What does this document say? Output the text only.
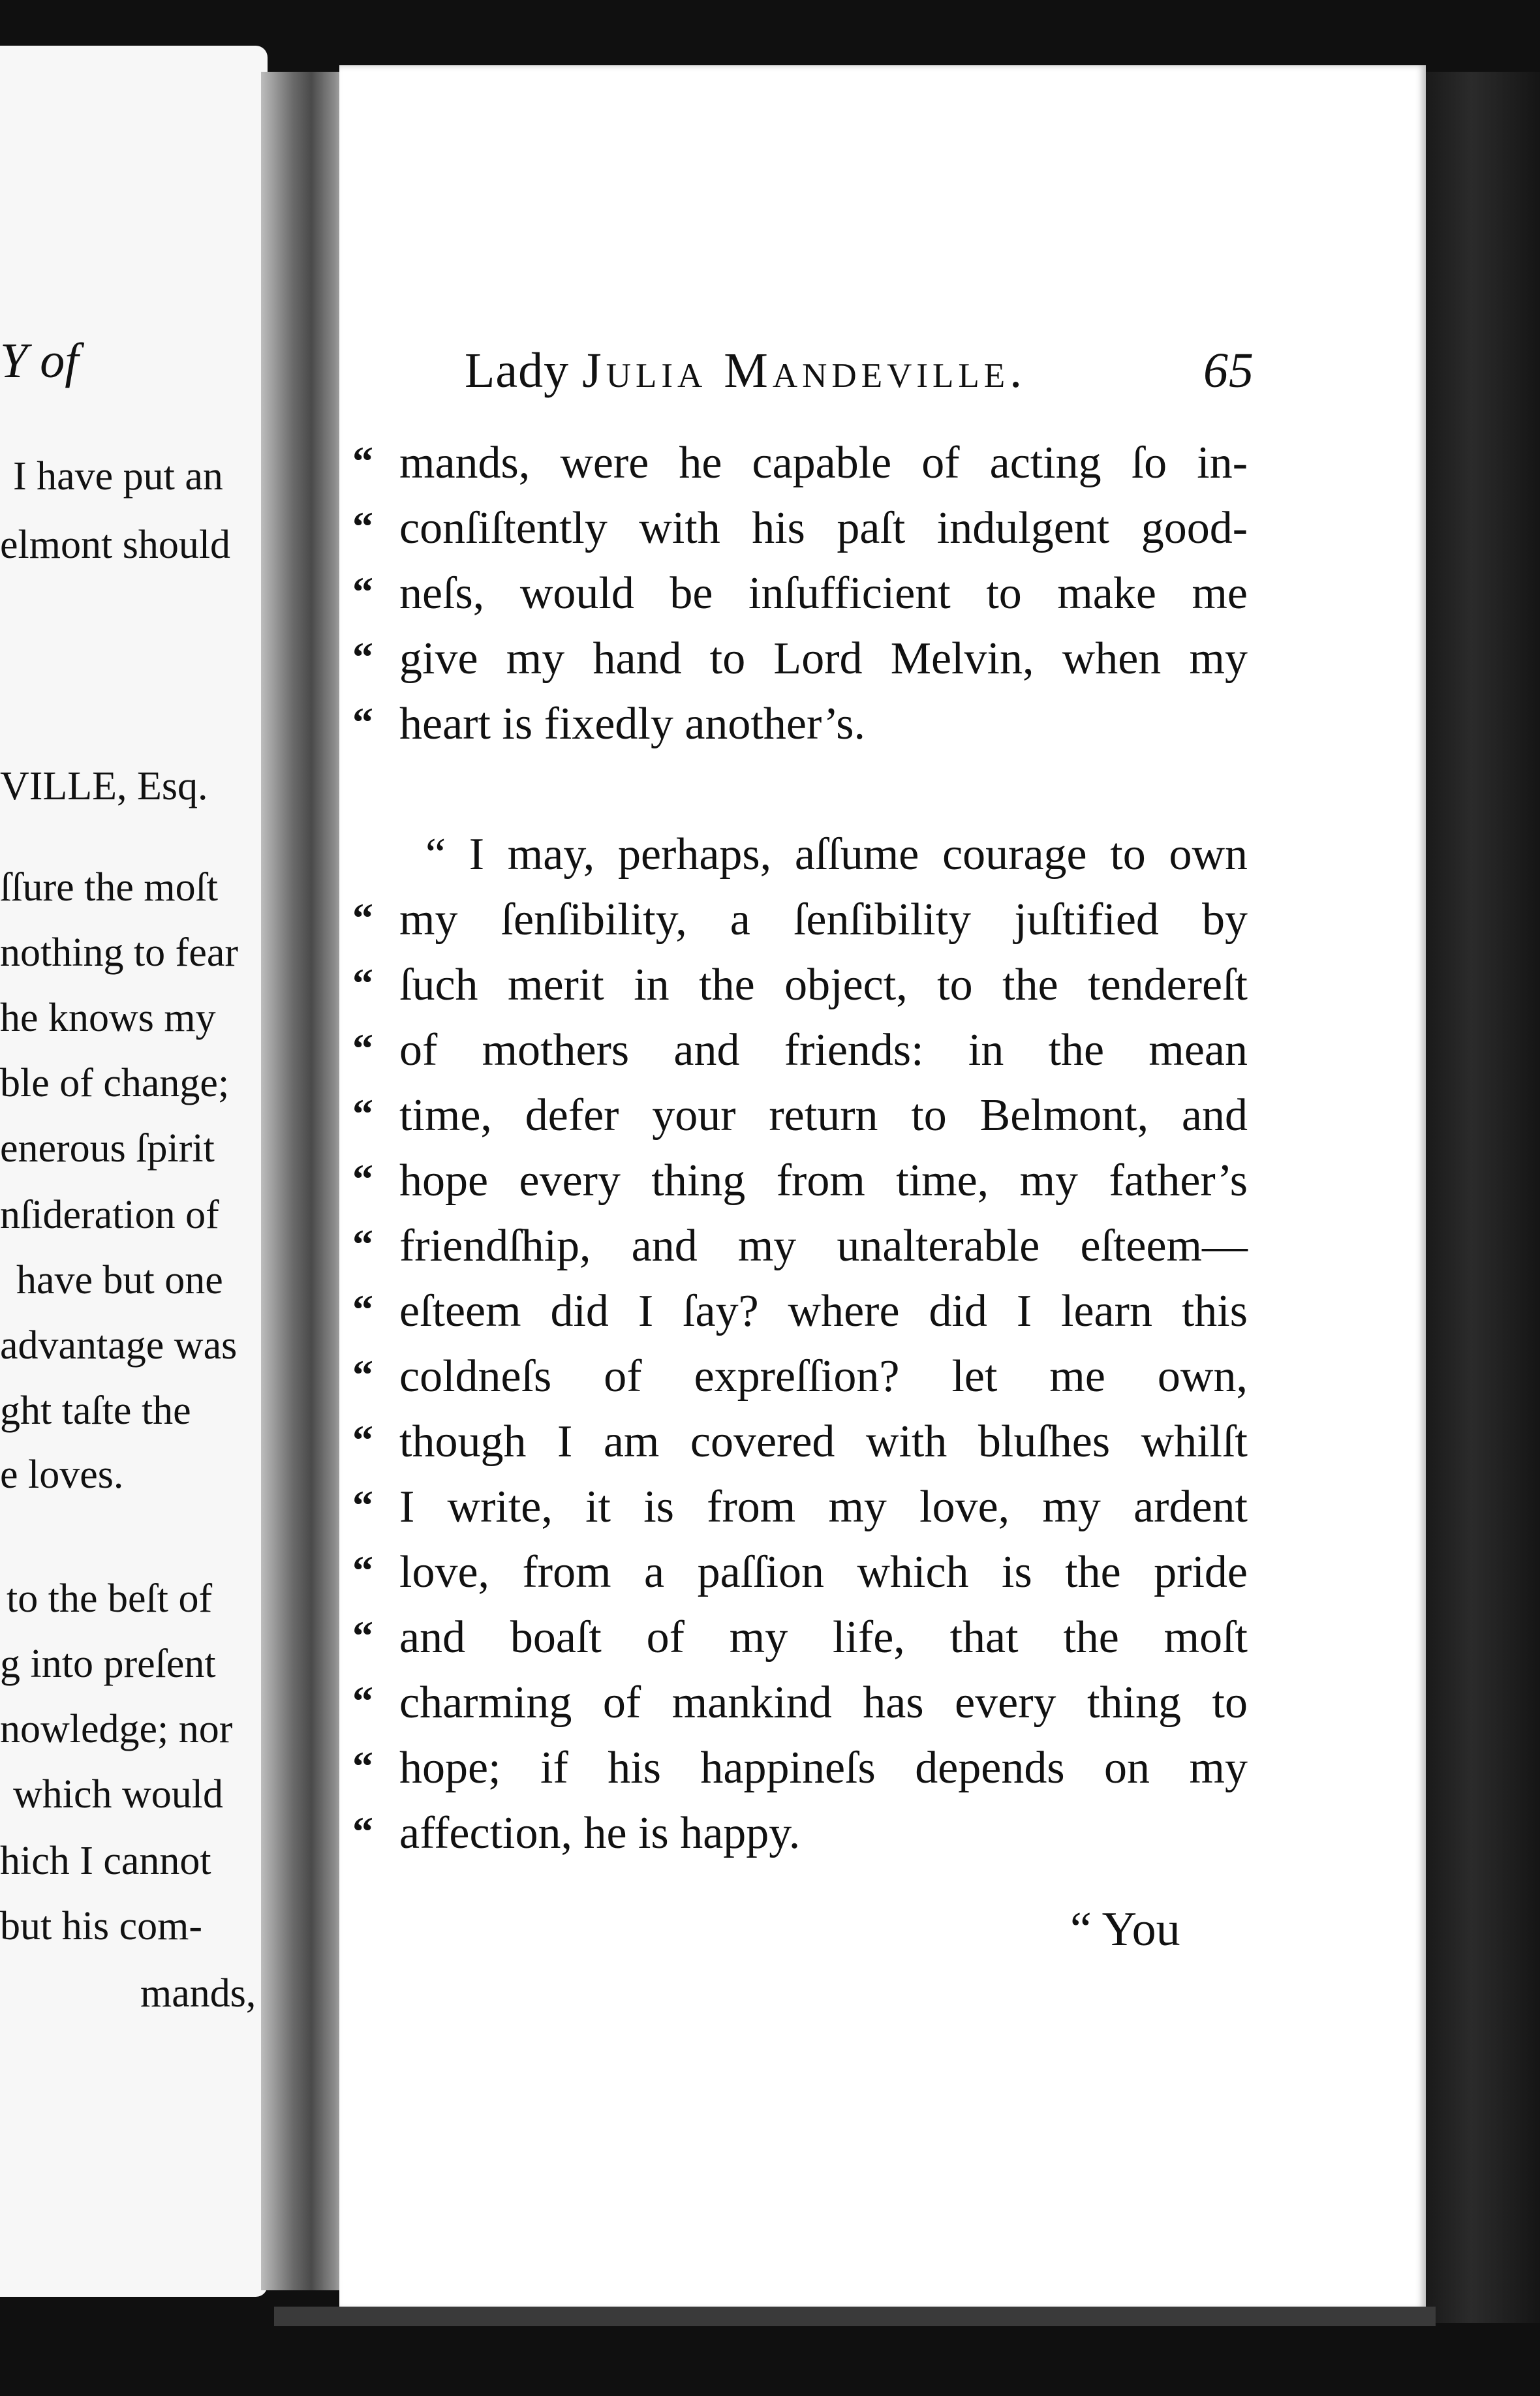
Y of
I have put an
elmont should
VILLE, Esq.
ſſure the moſt
nothing to fear
he knows my
ble of change;
enerous ſpirit
nſideration of
have but one
advantage was
ght taſte the
e loves.
to the beſt of
g into preſent
nowledge; nor
which would
hich I cannot
but his com-
mands,
Lady Julia Mandeville.	65
“ mands, were he capable of acting ſo in-
“ conſiſtently with his paſt indulgent good-
“ neſs, would be inſufficient to make me
“ give my hand to Lord Melvin, when my
“ heart is fixedly another’s.
“ I may, perhaps, aſſume courage to own
“ my ſenſibility, a ſenſibility juſtified by
“ ſuch merit in the object, to the tendereſt
“ of mothers and friends: in the mean
“ time, defer your return to Belmont, and
“ hope every thing from time, my father’s
“ friendſhip, and my unalterable eſteem—
“ eſteem did I ſay? where did I learn this
“ coldneſs of expreſſion? let me own,
“ though I am covered with bluſhes whilſt
“ I write, it is from my love, my ardent
“ love, from a paſſion which is the pride
“ and boaſt of my life, that the moſt
“ charming of mankind has every thing to
“ hope; if his happineſs depends on my
“ affection, he is happy.
“ You
